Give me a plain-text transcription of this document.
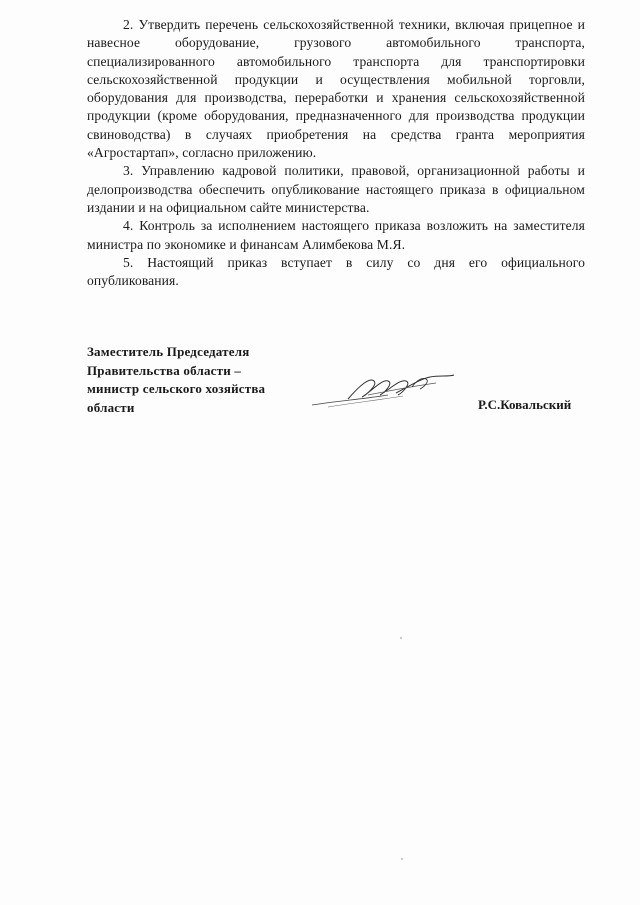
2. Утвердить перечень сельскохозяйственной техники, включая прицепное и навесное оборудование, грузового автомобильного транспорта, специализированного автомобильного транспорта для транспортировки сельскохозяйственной продукции и осуществления мобильной торговли, оборудования для производства, переработки и хранения сельскохозяйственной продукции (кроме оборудования, предназначенного для производства продукции свиноводства) в случаях приобретения на средства гранта мероприятия «Агростартап», согласно приложению.

3. Управлению кадровой политики, правовой, организационной работы и делопроизводства обеспечить опубликование настоящего приказа в официальном издании и на официальном сайте министерства.

4. Контроль за исполнением настоящего приказа возложить на заместителя министра по экономике и финансам Алимбекова М.Я.

5. Настоящий приказ вступает в силу со дня его официального опубликования.

Заместитель Председателя
Правительства области –
министр сельского хозяйства
области	Р.С.Ковальский
